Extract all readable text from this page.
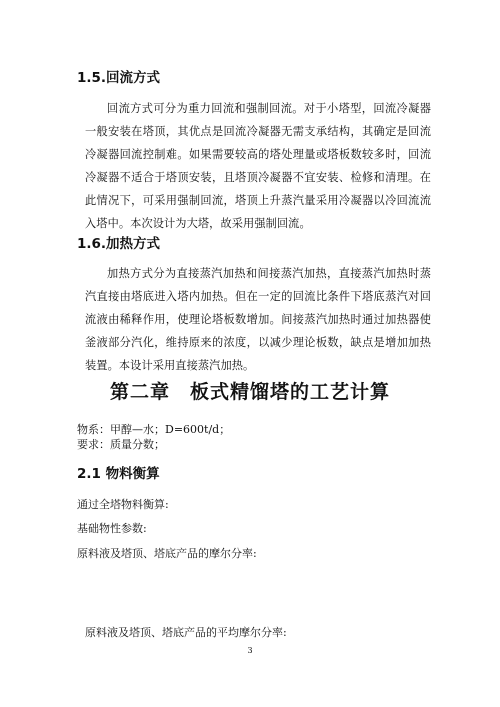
1.5.回流方式

回流方式可分为重力回流和强制回流。对于小塔型，回流冷凝器一般安装在塔顶，其优点是回流冷凝器无需支承结构，其确定是回流冷凝器回流控制难。如果需要较高的塔处理量或塔板数较多时，回流冷凝器不适合于塔顶安装，且塔顶冷凝器不宜安装、检修和清理。在此情况下，可采用强制回流，塔顶上升蒸汽量采用冷凝器以冷回流流入塔中。本次设计为大塔，故采用强制回流。

1.6.加热方式

加热方式分为直接蒸汽加热和间接蒸汽加热，直接蒸汽加热时蒸汽直接由塔底进入塔内加热。但在一定的回流比条件下塔底蒸汽对回流液由稀释作用，使理论塔板数增加。间接蒸汽加热时通过加热器使釜液部分汽化，维持原来的浓度，以减少理论板数，缺点是增加加热装置。本设计采用直接蒸汽加热。

第二章　板式精馏塔的工艺计算

物系：甲醇—水；D=600t/d；

要求：质量分数；

2.1 物料衡算

通过全塔物料衡算:

基础物性参数:

原料液及塔顶、塔底产品的摩尔分率:

原料液及塔顶、塔底产品的平均摩尔分率:

3
